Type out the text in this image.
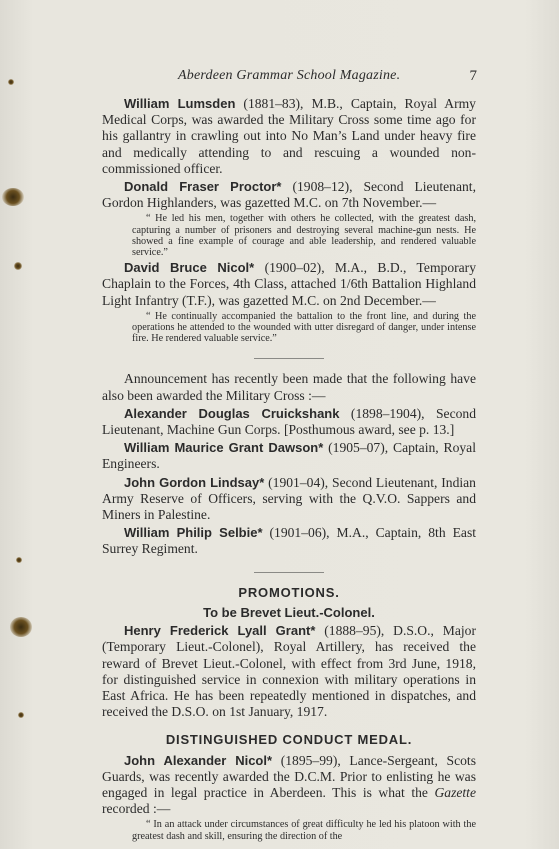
Aberdeen Grammar School Magazine.	7

William Lumsden (1881–83), M.B., Captain, Royal Army Medical Corps, was awarded the Military Cross some time ago for his gallantry in crawling out into No Man’s Land under heavy fire and medically attending to and rescuing a wounded non-commissioned officer.

Donald Fraser Proctor* (1908–12), Second Lieutenant, Gordon Highlanders, was gazetted M.C. on 7th November.—

“ He led his men, together with others he collected, with the greatest dash, capturing a number of prisoners and destroying several machine-gun nests. He showed a fine example of courage and able leadership, and rendered valuable service.”

David Bruce Nicol* (1900–02), M.A., B.D., Temporary Chaplain to the Forces, 4th Class, attached 1/6th Battalion Highland Light Infantry (T.F.), was gazetted M.C. on 2nd December.—

“ He continually accompanied the battalion to the front line, and during the operations he attended to the wounded with utter disregard of danger, under intense fire. He rendered valuable service.”

Announcement has recently been made that the following have also been awarded the Military Cross :—

Alexander Douglas Cruickshank (1898–1904), Second Lieutenant, Machine Gun Corps. [Posthumous award, see p. 13.]

William Maurice Grant Dawson* (1905–07), Captain, Royal Engineers.

John Gordon Lindsay* (1901–04), Second Lieutenant, Indian Army Reserve of Officers, serving with the Q.V.O. Sappers and Miners in Palestine.

William Philip Selbie* (1901–06), M.A., Captain, 8th East Surrey Regiment.

PROMOTIONS.
To be Brevet Lieut.-Colonel.

Henry Frederick Lyall Grant* (1888–95), D.S.O., Major (Temporary Lieut.-Colonel), Royal Artillery, has received the reward of Brevet Lieut.-Colonel, with effect from 3rd June, 1918, for distinguished service in connexion with military operations in East Africa. He has been repeatedly mentioned in dispatches, and received the D.S.O. on 1st January, 1917.

DISTINGUISHED CONDUCT MEDAL.

John Alexander Nicol* (1895–99), Lance-Sergeant, Scots Guards, was recently awarded the D.C.M. Prior to enlisting he was engaged in legal practice in Aberdeen. This is what the Gazette recorded :—

“ In an attack under circumstances of great difficulty he led his platoon with the greatest dash and skill, ensuring the direction of the
